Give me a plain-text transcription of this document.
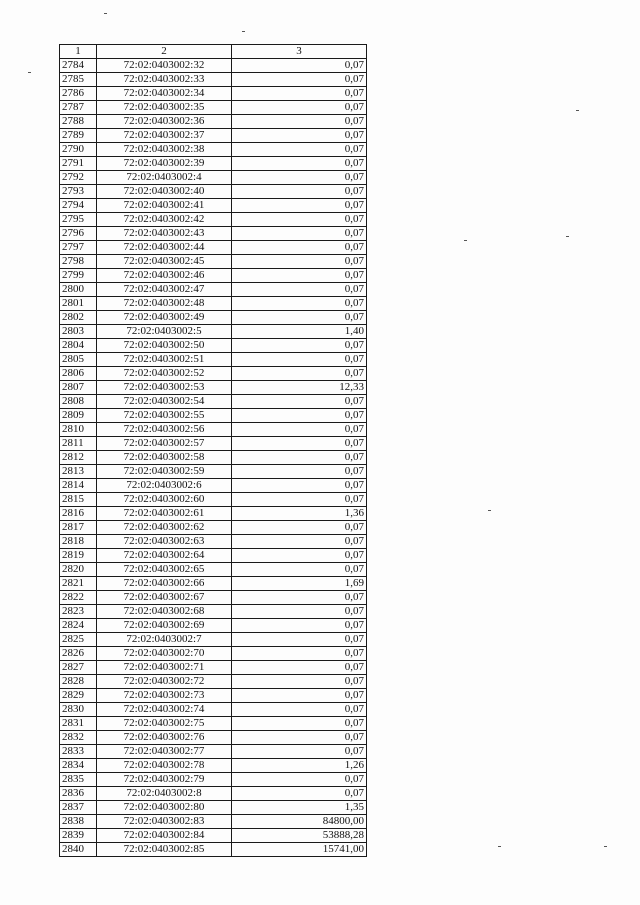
1	2	3
2784	72:02:0403002:32	0,07
2785	72:02:0403002:33	0,07
2786	72:02:0403002:34	0,07
2787	72:02:0403002:35	0,07
2788	72:02:0403002:36	0,07
2789	72:02:0403002:37	0,07
2790	72:02:0403002:38	0,07
2791	72:02:0403002:39	0,07
2792	72:02:0403002:4	0,07
2793	72:02:0403002:40	0,07
2794	72:02:0403002:41	0,07
2795	72:02:0403002:42	0,07
2796	72:02:0403002:43	0,07
2797	72:02:0403002:44	0,07
2798	72:02:0403002:45	0,07
2799	72:02:0403002:46	0,07
2800	72:02:0403002:47	0,07
2801	72:02:0403002:48	0,07
2802	72:02:0403002:49	0,07
2803	72:02:0403002:5	1,40
2804	72:02:0403002:50	0,07
2805	72:02:0403002:51	0,07
2806	72:02:0403002:52	0,07
2807	72:02:0403002:53	12,33
2808	72:02:0403002:54	0,07
2809	72:02:0403002:55	0,07
2810	72:02:0403002:56	0,07
2811	72:02:0403002:57	0,07
2812	72:02:0403002:58	0,07
2813	72:02:0403002:59	0,07
2814	72:02:0403002:6	0,07
2815	72:02:0403002:60	0,07
2816	72:02:0403002:61	1,36
2817	72:02:0403002:62	0,07
2818	72:02:0403002:63	0,07
2819	72:02:0403002:64	0,07
2820	72:02:0403002:65	0,07
2821	72:02:0403002:66	1,69
2822	72:02:0403002:67	0,07
2823	72:02:0403002:68	0,07
2824	72:02:0403002:69	0,07
2825	72:02:0403002:7	0,07
2826	72:02:0403002:70	0,07
2827	72:02:0403002:71	0,07
2828	72:02:0403002:72	0,07
2829	72:02:0403002:73	0,07
2830	72:02:0403002:74	0,07
2831	72:02:0403002:75	0,07
2832	72:02:0403002:76	0,07
2833	72:02:0403002:77	0,07
2834	72:02:0403002:78	1,26
2835	72:02:0403002:79	0,07
2836	72:02:0403002:8	0,07
2837	72:02:0403002:80	1,35
2838	72:02:0403002:83	84800,00
2839	72:02:0403002:84	53888,28
2840	72:02:0403002:85	15741,00
